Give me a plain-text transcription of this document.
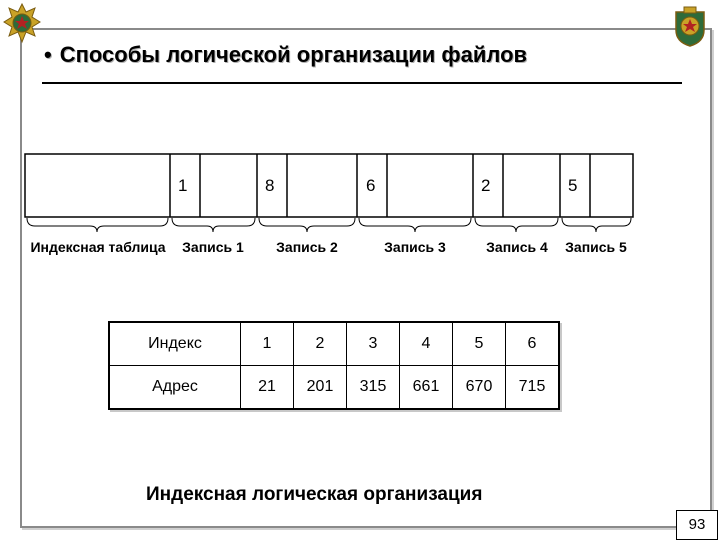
• Способы логической организации файлов
1	8	6	2	5
Индексная таблица Запись 1 Запись 2	Запись 3	Запись 4 Запись 5
Индекс	1	2	3	4	5	6
Адрес	21	201	315	661	670	715
Индексная логическая организация
93
